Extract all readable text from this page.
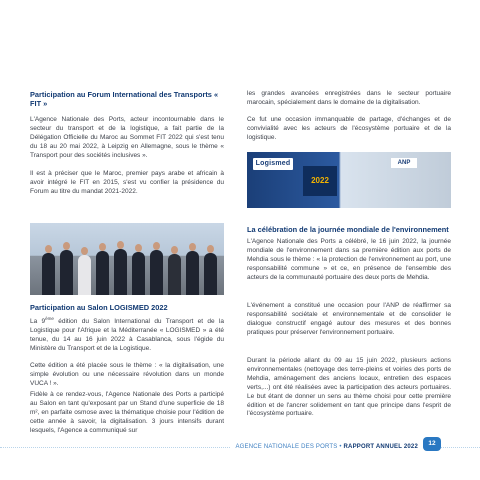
Participation au Forum International des Transports « FIT »

L'Agence Nationale des Ports, acteur incontournable dans le secteur du transport et de la logistique, a fait partie de la Délégation Officielle du Maroc au Sommet FIT 2022 qui s'est tenu du 18 au 20 mai 2022, à Leipzig en Allemagne, sous le thème « Transport pour des sociétés inclusives ».

Il est à préciser que le Maroc, premier pays arabe et africain à avoir intégré le FIT en 2015, s'est vu confier la présidence du Forum au titre du mandat 2021-2022.

Participation au Salon LOGISMED 2022

La 9ème édition du Salon International du Transport et de la Logistique pour l'Afrique et la Méditerranée « LOGISMED » a été tenue, du 14 au 16 juin 2022 à Casablanca, sous l'égide du Ministère du Transport et de la Logistique.

Cette édition a été placée sous le thème : « la digitalisation, une simple évolution ou une nécessaire révolution dans un monde VUCA ! ».

Fidèle à ce rendez-vous, l'Agence Nationale des Ports a participé au Salon en tant qu'exposant par un Stand d'une superficie de 18 m², en parfaite osmose avec la thématique choisie pour l'édition de cette année à savoir, la digitalisation. 3 jours intensifs durant lesquels, l'Agence a communiqué sur

les grandes avancées enregistrées dans le secteur portuaire marocain, spécialement dans le domaine de la digitalisation.

Ce fut une occasion immanquable de partage, d'échanges et de convivialité avec les acteurs de l'écosystème portuaire et de la logistique.

Logismed
2022
ANP
La célébration de la journée mondiale de l'environnement

L'Agence Nationale des Ports a célébré, le 16 juin 2022, la journée mondiale de l'environnement dans sa première édition aux ports de Mehdia sous le thème : « la protection de l'environnement au port, une responsabilité commune » et ce, en présence de l'ensemble des acteurs de la communauté portuaire des deux ports de Mehdia.

L'événement a constitué une occasion pour l'ANP de réaffirmer sa responsabilité sociétale et environnementale et de consolider le dialogue constructif engagé autour des mesures et des bonnes pratiques pour préserver l'environnement portuaire.

Durant la période allant du 09 au 15 juin 2022, plusieurs actions environnementales (nettoyage des terre-pleins et voiries des ports de Mehdia, aménagement des anciens locaux, entretien des espaces verts,...) ont été réalisées avec la participation des acteurs portuaires. Le but étant de donner un sens au thème choisi pour cette première édition et de l'ancrer solidement en tant que principe dans l'esprit de l'écosystème portuaire.

AGENCE NATIONALE DES PORTS • RAPPORT ANNUEL 2022	12
